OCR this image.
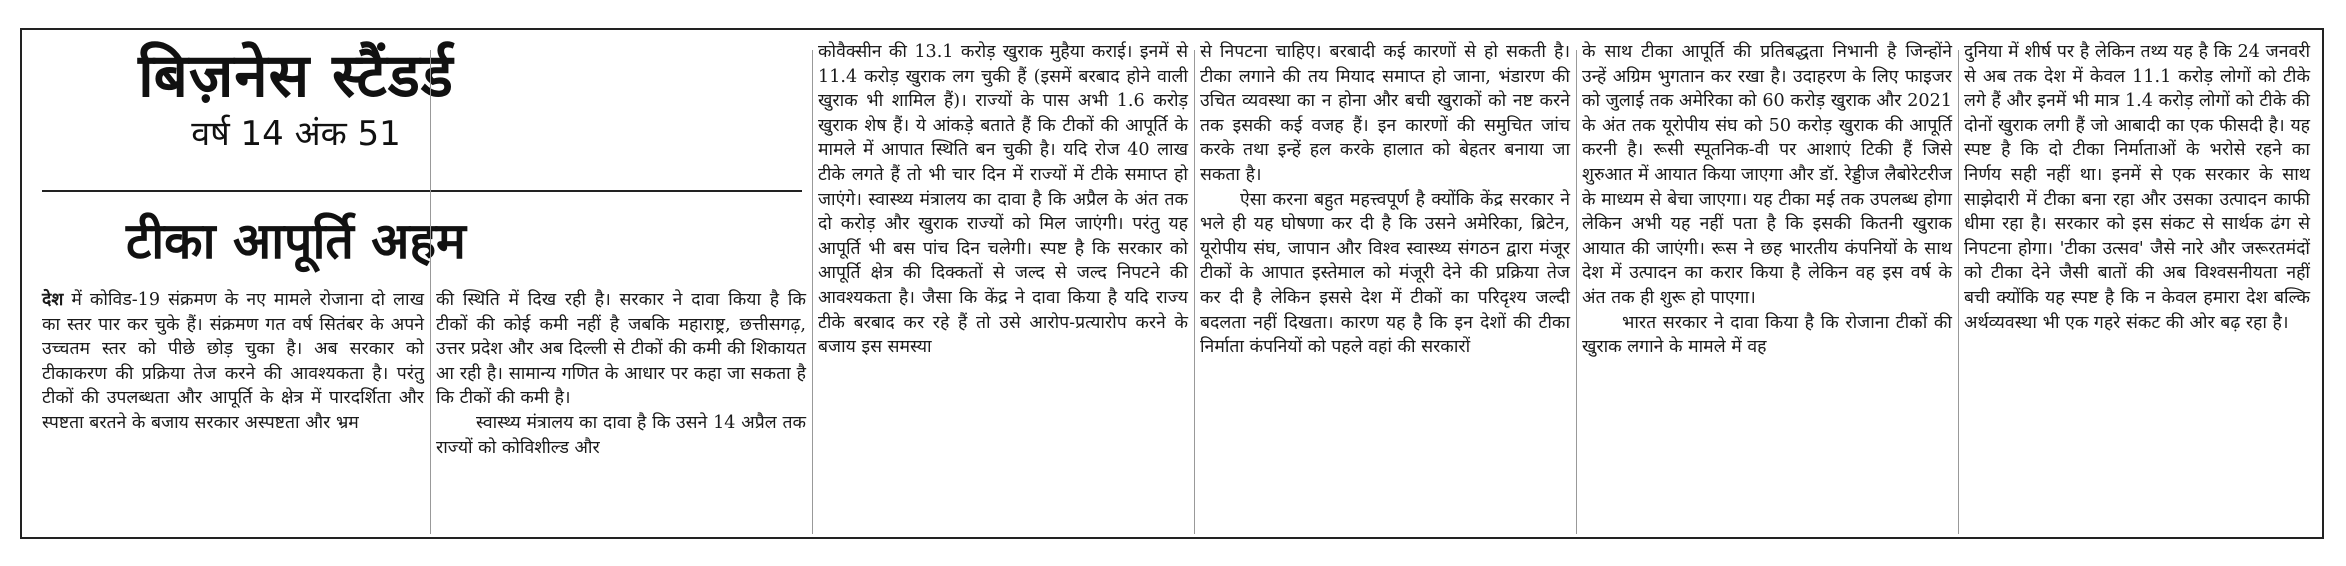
बिज़नेस स्टैंडर्ड
वर्ष 14 अंक 51
टीका आपूर्ति अहम

देश में कोविड-19 संक्रमण के नए मामले रोजाना दो लाख का स्तर पार कर चुके हैं। संक्रमण गत वर्ष सितंबर के अपने उच्चतम स्तर को पीछे छोड़ चुका है। अब सरकार को टीकाकरण की प्रक्रिया तेज करने की आवश्यकता है। परंतु टीकों की उपलब्धता और आपूर्ति के क्षेत्र में पारदर्शिता और स्पष्टता बरतने के बजाय सरकार अस्पष्टता और भ्रम

की स्थिति में दिख रही है। सरकार ने दावा किया है कि टीकों की कोई कमी नहीं है जबकि महाराष्ट्र, छत्तीसगढ़, उत्तर प्रदेश और अब दिल्ली से टीकों की कमी की शिकायत आ रही है। सामान्य गणित के आधार पर कहा जा सकता है कि टीकों की कमी है।

स्वास्थ्य मंत्रालय का दावा है कि उसने 14 अप्रैल तक राज्यों को कोविशील्ड और

कोवैक्सीन की 13.1 करोड़ खुराक मुहैया कराई। इनमें से 11.4 करोड़ खुराक लग चुकी हैं (इसमें बरबाद होने वाली खुराक भी शामिल हैं)। राज्यों के पास अभी 1.6 करोड़ खुराक शेष हैं। ये आंकड़े बताते हैं कि टीकों की आपूर्ति के मामले में आपात स्थिति बन चुकी है। यदि रोज 40 लाख टीके लगते हैं तो भी चार दिन में राज्यों में टीके समाप्त हो जाएंगे। स्वास्थ्य मंत्रालय का दावा है कि अप्रैल के अंत तक दो करोड़ और खुराक राज्यों को मिल जाएंगी। परंतु यह आपूर्ति भी बस पांच दिन चलेगी। स्पष्ट है कि सरकार को आपूर्ति क्षेत्र की दिक्कतों से जल्द से जल्द निपटने की आवश्यकता है। जैसा कि केंद्र ने दावा किया है यदि राज्य टीके बरबाद कर रहे हैं तो उसे आरोप-प्रत्यारोप करने के बजाय इस समस्या

से निपटना चाहिए। बरबादी कई कारणों से हो सकती है। टीका लगाने की तय मियाद समाप्त हो जाना, भंडारण की उचित व्यवस्था का न होना और बची खुराकों को नष्ट करने तक इसकी कई वजह हैं। इन कारणों की समुचित जांच करके तथा इन्हें हल करके हालात को बेहतर बनाया जा सकता है।

ऐसा करना बहुत महत्त्वपूर्ण है क्योंकि केंद्र सरकार ने भले ही यह घोषणा कर दी है कि उसने अमेरिका, ब्रिटेन, यूरोपीय संघ, जापान और विश्व स्वास्थ्य संगठन द्वारा मंजूर टीकों के आपात इस्तेमाल को मंजूरी देने की प्रक्रिया तेज कर दी है लेकिन इससे देश में टीकों का परिदृश्य जल्दी बदलता नहीं दिखता। कारण यह है कि इन देशों की टीका निर्माता कंपनियों को पहले वहां की सरकारों

के साथ टीका आपूर्ति की प्रतिबद्धता निभानी है जिन्होंने उन्हें अग्रिम भुगतान कर रखा है। उदाहरण के लिए फाइजर को जुलाई तक अमेरिका को 60 करोड़ खुराक और 2021 के अंत तक यूरोपीय संघ को 50 करोड़ खुराक की आपूर्ति करनी है। रूसी स्पूतनिक-वी पर आशाएं टिकी हैं जिसे शुरुआत में आयात किया जाएगा और डॉ. रेड्डीज लैबोरेटरीज के माध्यम से बेचा जाएगा। यह टीका मई तक उपलब्ध होगा लेकिन अभी यह नहीं पता है कि इसकी कितनी खुराक आयात की जाएंगी। रूस ने छह भारतीय कंपनियों के साथ देश में उत्पादन का करार किया है लेकिन वह इस वर्ष के अंत तक ही शुरू हो पाएगा।

भारत सरकार ने दावा किया है कि रोजाना टीकों की खुराक लगाने के मामले में वह

दुनिया में शीर्ष पर है लेकिन तथ्य यह है कि 24 जनवरी से अब तक देश में केवल 11.1 करोड़ लोगों को टीके लगे हैं और इनमें भी मात्र 1.4 करोड़ लोगों को टीके की दोनों खुराक लगी हैं जो आबादी का एक फीसदी है। यह स्पष्ट है कि दो टीका निर्माताओं के भरोसे रहने का निर्णय सही नहीं था। इनमें से एक सरकार के साथ साझेदारी में टीका बना रहा और उसका उत्पादन काफी धीमा रहा है। सरकार को इस संकट से सार्थक ढंग से निपटना होगा। 'टीका उत्सव' जैसे नारे और जरूरतमंदों को टीका देने जैसी बातों की अब विश्वसनीयता नहीं बची क्योंकि यह स्पष्ट है कि न केवल हमारा देश बल्कि अर्थव्यवस्था भी एक गहरे संकट की ओर बढ़ रहा है।
